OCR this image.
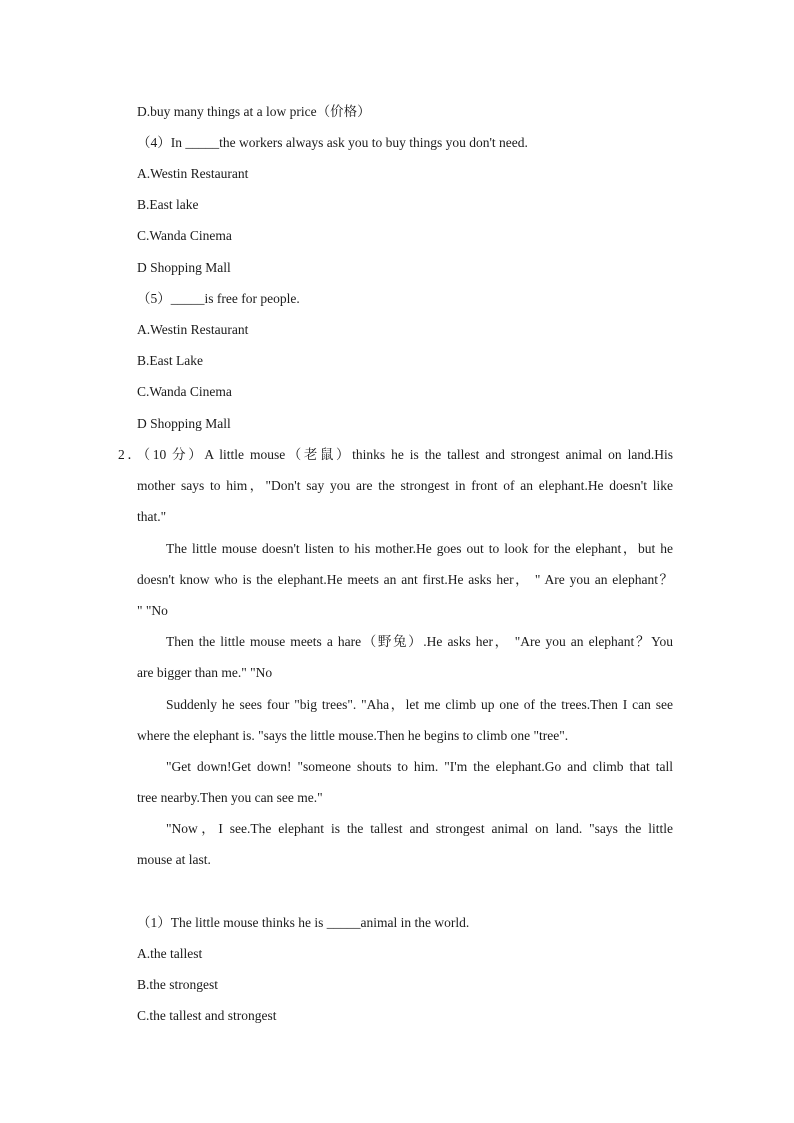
D.buy many things at a low price（价格）
（4）In _____the workers always ask you to buy things you don't need.
A.Westin Restaurant
B.East lake
C.Wanda Cinema
D Shopping Mall
（5）_____is free for people.
A.Westin Restaurant
B.East Lake
C.Wanda Cinema
D Shopping Mall
2．（10 分）A little mouse（老鼠）thinks he is the tallest and strongest animal on land.His
mother says to him，"Don't say you are the strongest in front of an elephant.He doesn't like
that."
The little mouse doesn't listen to his mother.He goes out to look for the elephant，but he
doesn't know who is the elephant.He meets an ant first.He asks her， " Are you an elephant？
" "No
Then the little mouse meets a hare（野兔）.He asks her， "Are you an elephant？You
are bigger than me." "No
Suddenly he sees four "big trees". "Aha，let me climb up one of the trees.Then I can see
where the elephant is. "says the little mouse.Then he begins to climb one "tree".
"Get down!Get down! "someone shouts to him. "I'm the elephant.Go and climb that tall
tree nearby.Then you can see me."
"Now，I see.The elephant is the tallest and strongest animal on land. "says the little
mouse at last.
（1）The little mouse thinks he is _____animal in the world.
A.the tallest
B.the strongest
C.the tallest and strongest
